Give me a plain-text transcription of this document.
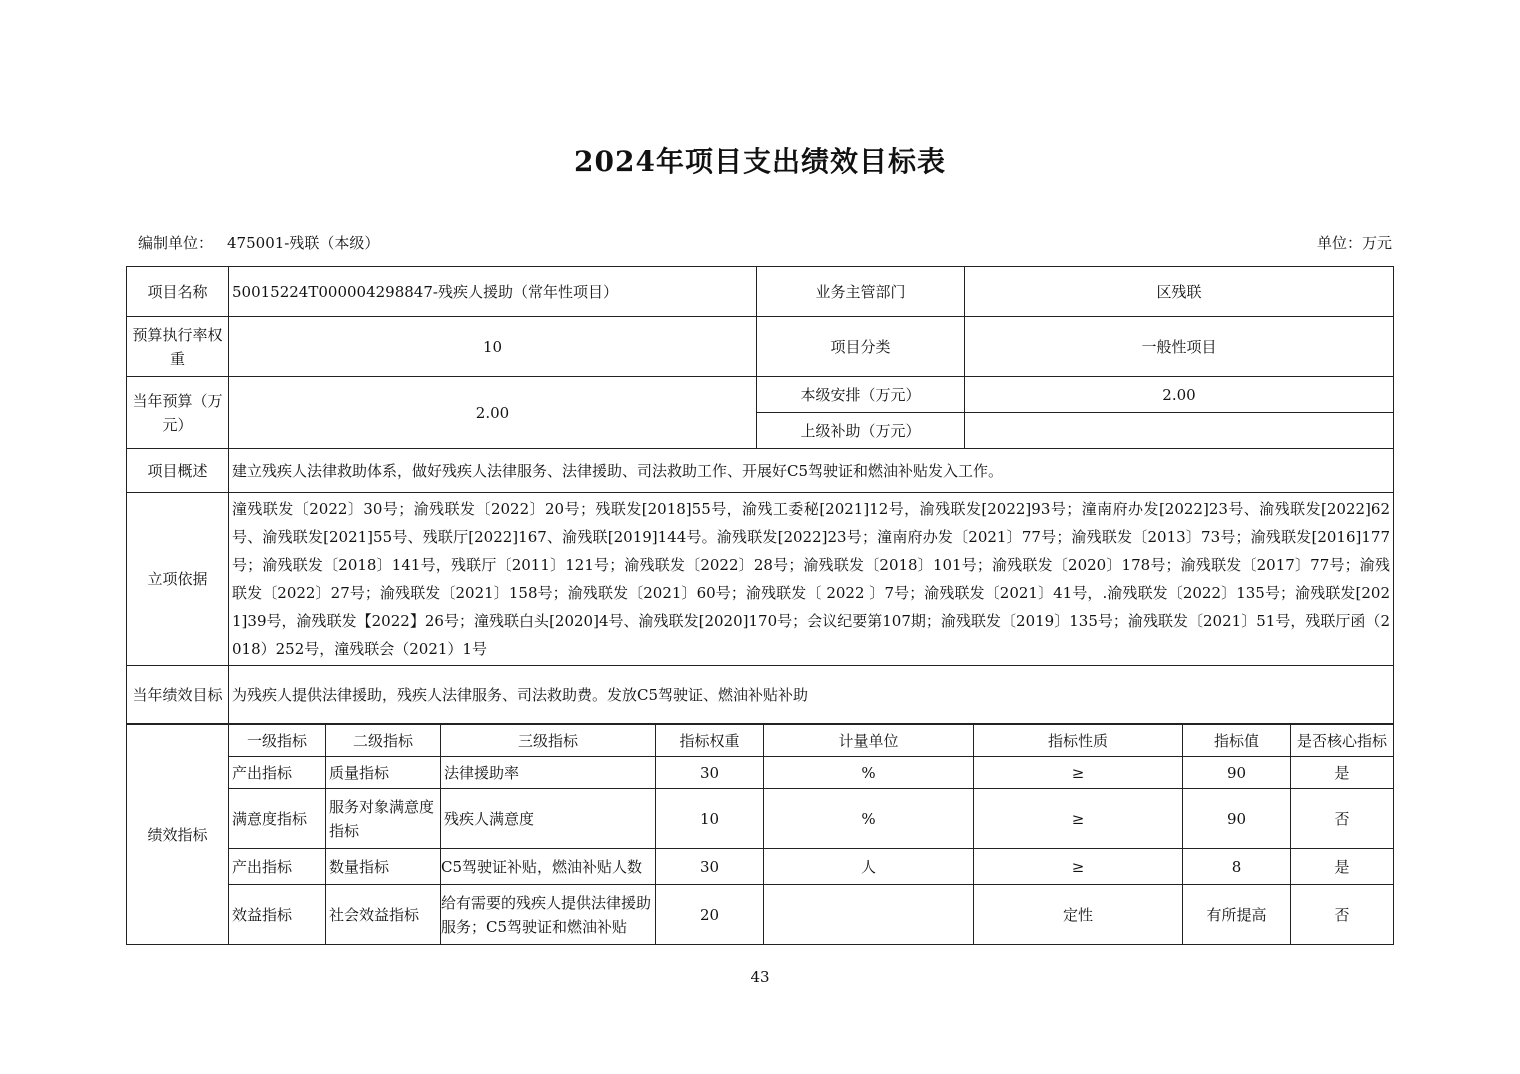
2024年项目支出绩效目标表
编制单位： 475001-残联（本级）	单位：万元
项目名称	50015224T000004298847-残疾人援助（常年性项目）	业务主管部门	区残联
预算执行率权重	10	项目分类	一般性项目
当年预算（万元）	2.00	本级安排（万元）	2.00
		上级补助（万元）	
项目概述	建立残疾人法律救助体系，做好残疾人法律服务、法律援助、司法救助工作、开展好C5驾驶证和燃油补贴发入工作。		
立项依据	潼残联发〔2022〕30号；渝残联发〔2022〕20号；残联发[2018]55号，渝残工委秘[2021]12号，渝残联发[2022]93号；潼南府办发[2022]23号、渝残联发[2022]62号、渝残联发[2021]55号、残联厅[2022]167、渝残联[2019]144号。渝残联发[2022]23号；潼南府办发〔2021〕77号；渝残联发〔2013〕73号；渝残联发[2016]177号；渝残联发〔2018〕141号，残联厅〔2011〕121号；渝残联发〔2022〕28号；渝残联发〔2018〕101号；渝残联发〔2020〕178号；渝残联发〔2017〕77号；渝残联发〔2022〕27号；渝残联发〔2021〕158号；渝残联发〔2021〕60号；渝残联发〔 2022 〕7号；渝残联发〔2021〕41号，.渝残联发〔2022〕135号；渝残联发[2021]39号，渝残联发【2022】26号；潼残联白头[2020]4号、渝残联发[2020]170号；会议纪要第107期；渝残联发〔2019〕135号；渝残联发〔2021〕51号，残联厅函（2018）252号，潼残联会（2021）1号		
当年绩效目标	为残疾人提供法律援助，残疾人法律服务、司法救助费。发放C5驾驶证、燃油补贴补助		
绩效指标	一级指标	二级指标	三级指标	指标权重	计量单位	指标性质	指标值	是否核心指标
	产出指标	质量指标	法律援助率	30	%	≥	90	是
	满意度指标	服务对象满意度指标	残疾人满意度	10	%	≥	90	否
	产出指标	数量指标	C5驾驶证补贴，燃油补贴人数	30	人	≥	8	是
	效益指标	社会效益指标	给有需要的残疾人提供法律援助服务；C5驾驶证和燃油补贴	20		定性	有所提高	否
43
